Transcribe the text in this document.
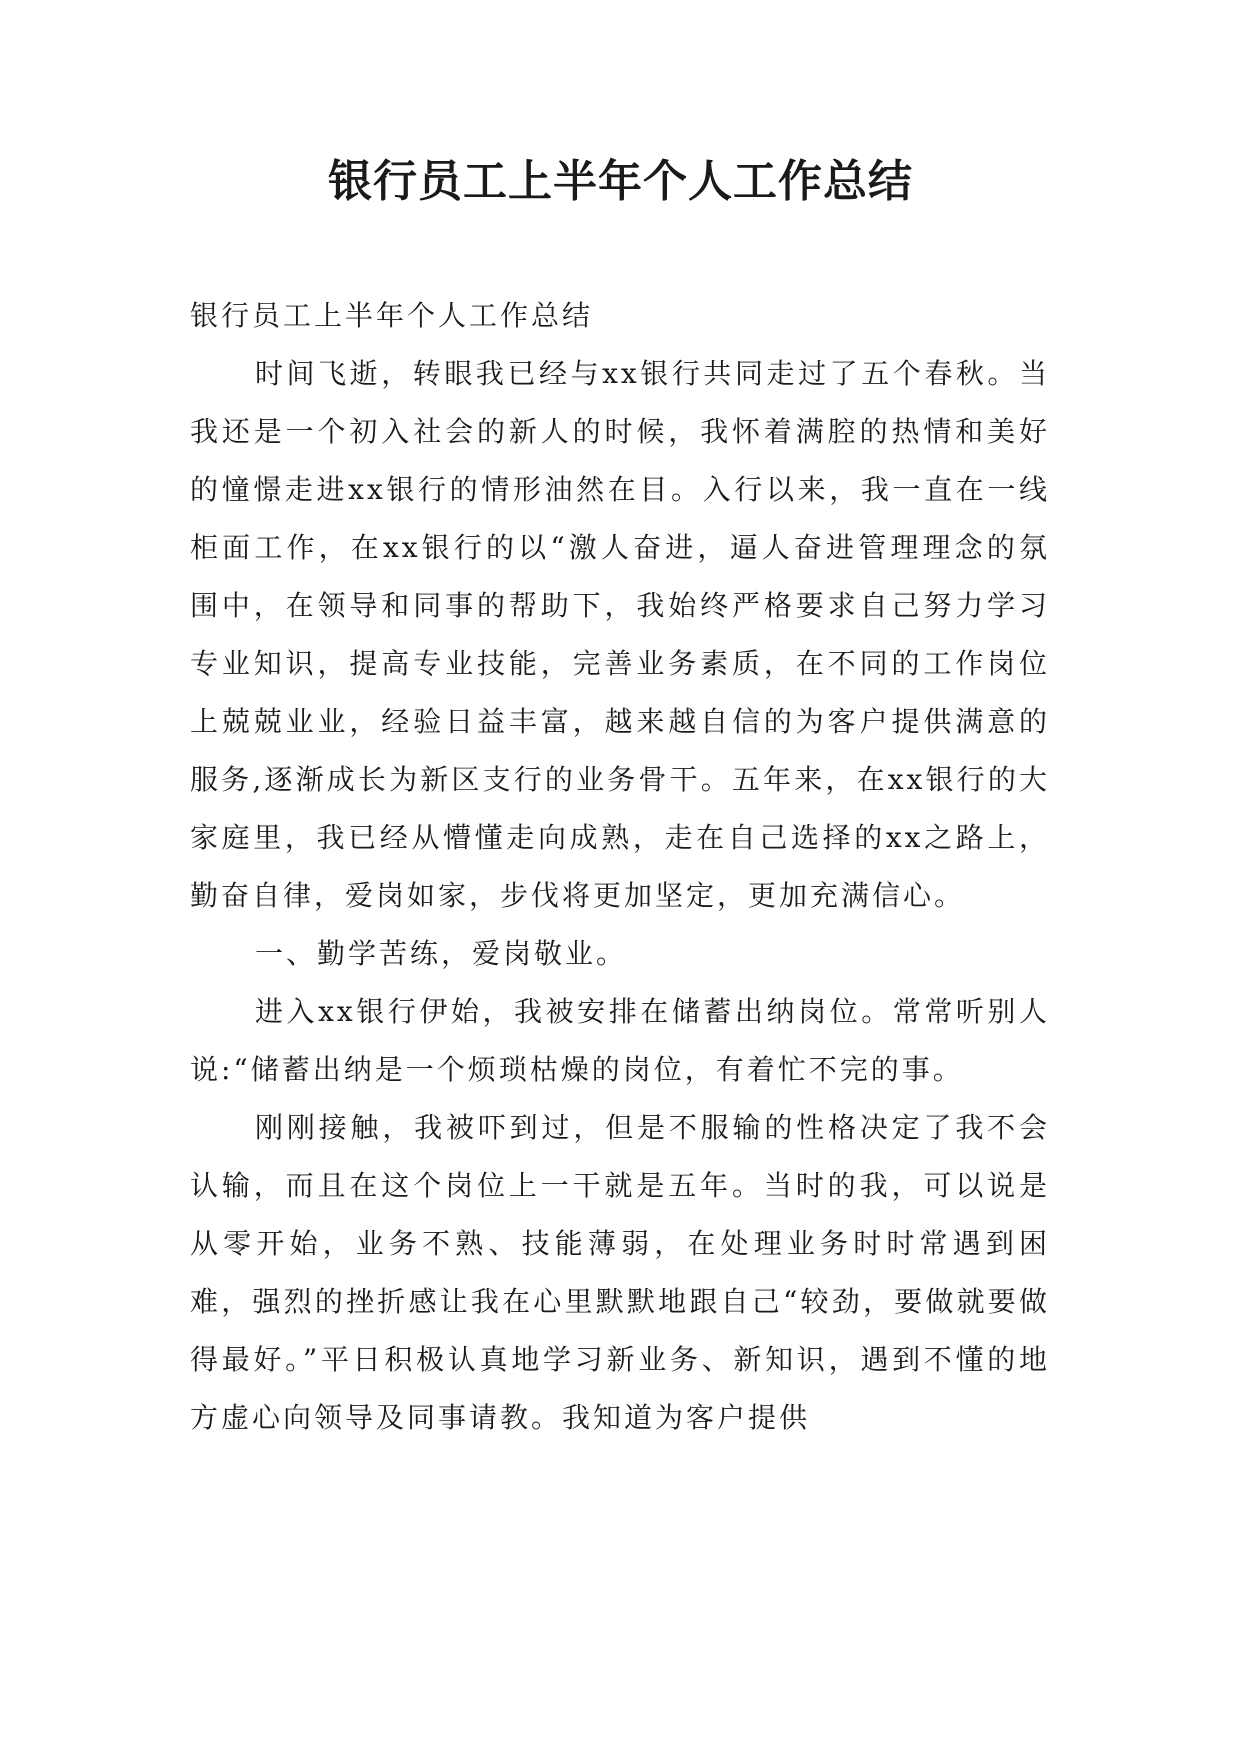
银行员工上半年个人工作总结

银行员工上半年个人工作总结

时间飞逝，转眼我已经与xx银行共同走过了五个春秋。当我还是一个初入社会的新人的时候，我怀着满腔的热情和美好的憧憬走进xx银行的情形油然在目。入行以来，我一直在一线柜面工作，在xx银行的以“激人奋进，逼人奋进管理理念的氛围中，在领导和同事的帮助下，我始终严格要求自己努力学习专业知识，提高专业技能，完善业务素质，在不同的工作岗位上兢兢业业，经验日益丰富，越来越自信的为客户提供满意的服务,逐渐成长为新区支行的业务骨干。五年来，在xx银行的大家庭里，我已经从懵懂走向成熟，走在自己选择的xx之路上，勤奋自律，爱岗如家，步伐将更加坚定，更加充满信心。

一、勤学苦练，爱岗敬业。

进入xx银行伊始，我被安排在储蓄出纳岗位。常常听别人说:“储蓄出纳是一个烦琐枯燥的岗位，有着忙不完的事。

刚刚接触，我被吓到过，但是不服输的性格决定了我不会认输，而且在这个岗位上一干就是五年。当时的我，可以说是从零开始，业务不熟、技能薄弱，在处理业务时时常遇到困难，强烈的挫折感让我在心里默默地跟自己“较劲，要做就要做得最好。”平日积极认真地学习新业务、新知识，遇到不懂的地方虚心向领导及同事请教。我知道为客户提供
